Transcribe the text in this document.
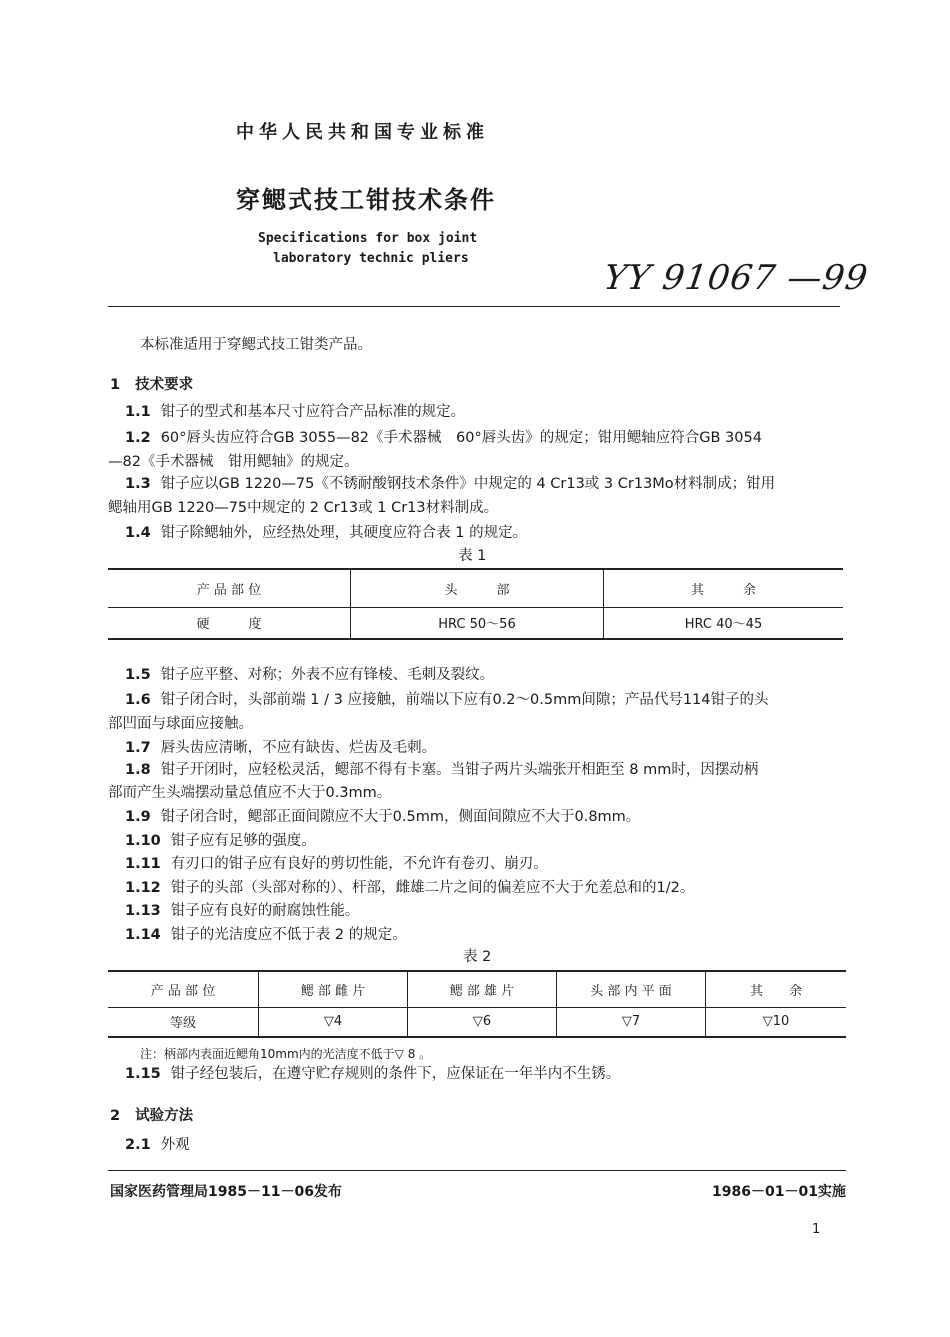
中华人民共和国专业标准
穿鳃式技工钳技术条件
Specifications for box joint
laboratory technic pliers	YY 91067 —99
本标准适用于穿鳃式技工钳类产品。
1 技术要求
1.1 钳子的型式和基本尺寸应符合产品标准的规定。
1.2 60°唇头齿应符合GB 3055—82《手术器械　60°唇头齿》的规定；钳用鳃轴应符合GB 3054
—82《手术器械　钳用鳃轴》的规定。
1.3 钳子应以GB 1220—75《不锈耐酸钢技术条件》中规定的 4 Cr13或 3 Cr13Mo材料制成；钳用
鳃轴用GB 1220—75中规定的 2 Cr13或 1 Cr13材料制成。
1.4 钳子除鳃轴外，应经热处理，其硬度应符合表 1 的规定。
表 1
产 品 部 位	头　　　部	其　　　余
硬　　　度	HRC 50～56	HRC 40～45
1.5 钳子应平整、对称；外表不应有锋棱、毛刺及裂纹。
1.6 钳子闭合时，头部前端 1 / 3 应接触，前端以下应有0.2～0.5mm间隙；产品代号114钳子的头
部凹面与球面应接触。
1.7 唇头齿应清晰，不应有缺齿、烂齿及毛刺。
1.8 钳子开闭时，应轻松灵活，鳃部不得有卡塞。当钳子两片头端张开相距至 8 mm时，因摆动柄
部而产生头端摆动量总值应不大于0.3mm。
1.9 钳子闭合时，鳃部正面间隙应不大于0.5mm，侧面间隙应不大于0.8mm。
1.10 钳子应有足够的强度。
1.11 有刃口的钳子应有良好的剪切性能，不允许有卷刃、崩刃。
1.12 钳子的头部（头部对称的）、杆部，雌雄二片之间的偏差应不大于允差总和的1/2。
1.13 钳子应有良好的耐腐蚀性能。
1.14 钳子的光洁度应不低于表 2 的规定。
表 2
产 品 部 位	鳃 部 雌 片	鳃 部 雄 片	头 部 内 平 面	其　　余
等级	▽4	▽6	▽7	▽10
注：柄部内表面近鳃角10mm内的光洁度不低于▽ 8 。
1.15 钳子经包装后，在遵守贮存规则的条件下，应保证在一年半内不生锈。
2 试验方法
2.1 外观
国家医药管理局1985－11－06发布	1986－01－01实施
1
